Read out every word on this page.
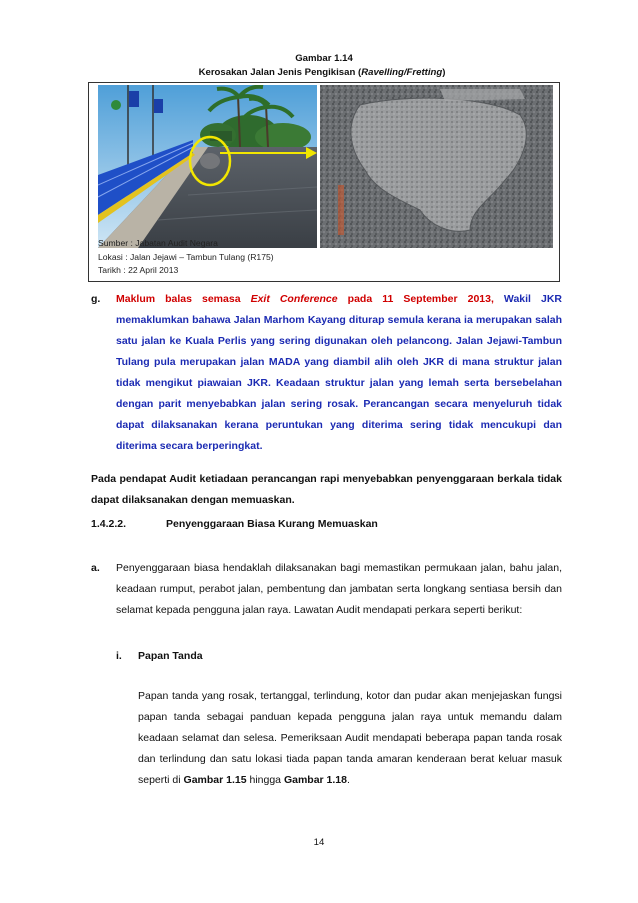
Gambar 1.14
Kerosakan Jalan Jenis Pengikisan (Ravelling/Fretting)
Sumber : Jabatan Audit Negara
Lokasi : Jalan Jejawi – Tambun Tulang (R175)
Tarikh : 22 April 2013
g. Maklum balas semasa Exit Conference pada 11 September 2013, Wakil JKR memaklumkan bahawa Jalan Marhom Kayang diturap semula kerana ia merupakan salah satu jalan ke Kuala Perlis yang sering digunakan oleh pelancong. Jalan Jejawi-Tambun Tulang pula merupakan jalan MADA yang diambil alih oleh JKR di mana struktur jalan tidak mengikut piawaian JKR. Keadaan struktur jalan yang lemah serta bersebelahan dengan parit menyebabkan jalan sering rosak. Perancangan secara menyeluruh tidak dapat dilaksanakan kerana peruntukan yang diterima sering tidak mencukupi dan diterima secara berperingkat.
Pada pendapat Audit ketiadaan perancangan rapi menyebabkan penyenggaraan berkala tidak dapat dilaksanakan dengan memuaskan.
1.4.2.2.	Penyenggaraan Biasa Kurang Memuaskan
a. Penyenggaraan biasa hendaklah dilaksanakan bagi memastikan permukaan jalan, bahu jalan, keadaan rumput, perabot jalan, pembentung dan jambatan serta longkang sentiasa bersih dan selamat kepada pengguna jalan raya. Lawatan Audit mendapati perkara seperti berikut:
i. Papan Tanda
Papan tanda yang rosak, tertanggal, terlindung, kotor dan pudar akan menjejaskan fungsi papan tanda sebagai panduan kepada pengguna jalan raya untuk memandu dalam keadaan selamat dan selesa. Pemeriksaan Audit mendapati beberapa papan tanda rosak dan terlindung dan satu lokasi tiada papan tanda amaran kenderaan berat keluar masuk seperti di Gambar 1.15 hingga Gambar 1.18.
14
